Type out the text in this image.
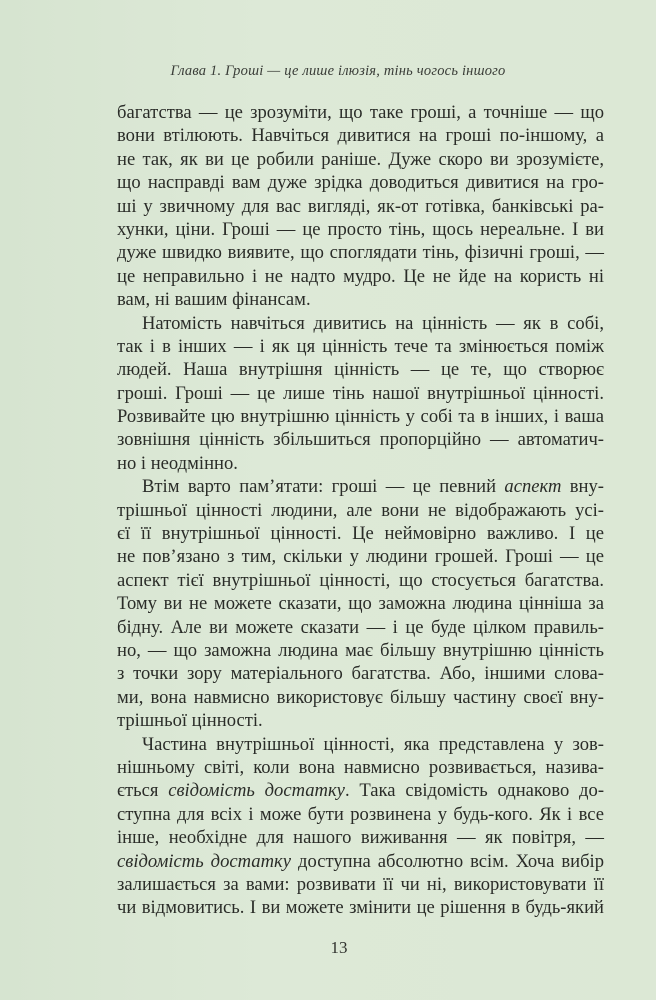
Глава 1. Гроші — це лише ілюзія, тінь чогось іншого
багатства — це зрозуміти, що таке гроші, а точніше — що
вони втілюють. Навчіться дивитися на гроші по-іншому, а
не так, як ви це робили раніше. Дуже скоро ви зрозумієте,
що насправді вам дуже зрідка доводиться дивитися на гро-
ші у звичному для вас вигляді, як-от готівка, банківські ра-
хунки, ціни. Гроші — це просто тінь, щось нереальне. І ви
дуже швидко виявите, що споглядати тінь, фізичні гроші, —
це неправильно і не надто мудро. Це не йде на користь ні
вам, ні вашим фінансам.
Натомість навчіться дивитись на цінність — як в собі,
так і в інших — і як ця цінність тече та змінюється поміж
людей. Наша внутрішня цінність — це те, що створює
гроші. Гроші — це лише тінь нашої внутрішньої цінності.
Розвивайте цю внутрішню цінність у собі та в інших, і ваша
зовнішня цінність збільшиться пропорційно — автоматич-
но і неодмінно.
Втім варто пам’ятати: гроші — це певний аспект вну-
трішньої цінності людини, але вони не відображають усі-
єї її внутрішньої цінності. Це неймовірно важливо. І це
не пов’язано з тим, скільки у людини грошей. Гроші — це
аспект тієї внутрішньої цінності, що стосується багатства.
Тому ви не можете сказати, що заможна людина цінніша за
бідну. Але ви можете сказати — і це буде цілком правиль-
но, — що заможна людина має більшу внутрішню цінність
з точки зору матеріального багатства. Або, іншими слова-
ми, вона навмисно використовує більшу частину своєї вну-
трішньої цінності.
Частина внутрішньої цінності, яка представлена у зов-
нішньому світі, коли вона навмисно розвивається, назива-
ється свідомість достатку. Така свідомість однаково до-
ступна для всіх і може бути розвинена у будь-кого. Як і все
інше, необхідне для нашого виживання — як повітря, —
свідомість достатку доступна абсолютно всім. Хоча вибір
залишається за вами: розвивати її чи ні, використовувати її
чи відмовитись. І ви можете змінити це рішення в будь-який
13
